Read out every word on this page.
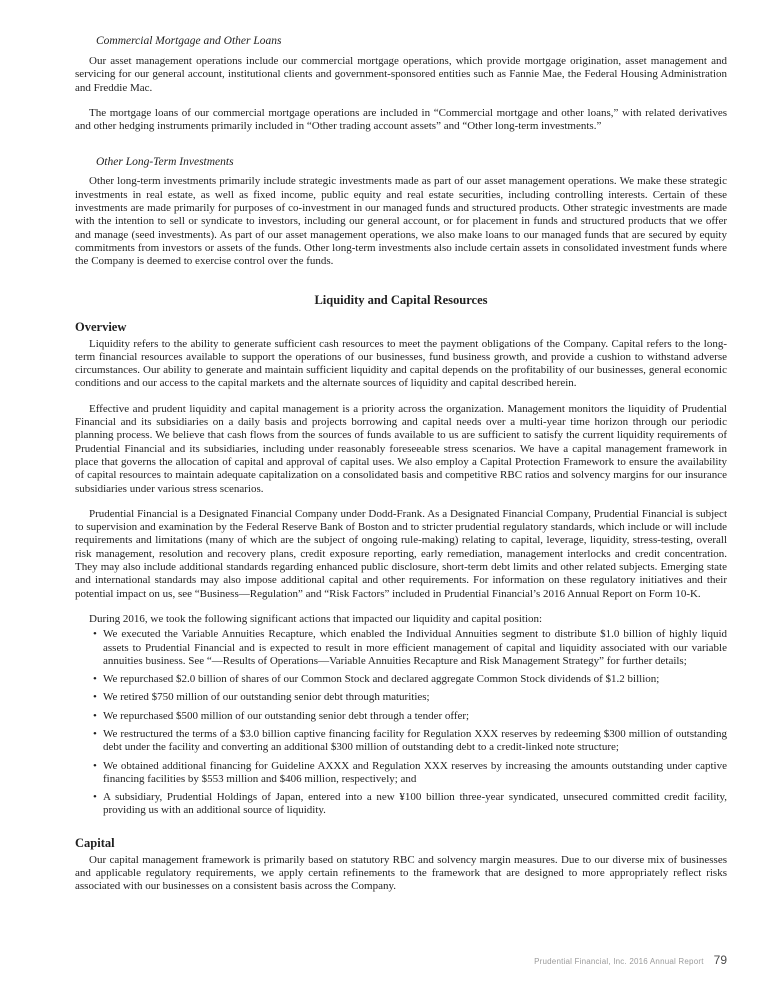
Commercial Mortgage and Other Loans

Our asset management operations include our commercial mortgage operations, which provide mortgage origination, asset management and servicing for our general account, institutional clients and government-sponsored entities such as Fannie Mae, the Federal Housing Administration and Freddie Mac.

The mortgage loans of our commercial mortgage operations are included in “Commercial mortgage and other loans,” with related derivatives and other hedging instruments primarily included in “Other trading account assets” and “Other long-term investments.”

Other Long-Term Investments

Other long-term investments primarily include strategic investments made as part of our asset management operations. We make these strategic investments in real estate, as well as fixed income, public equity and real estate securities, including controlling interests. Certain of these investments are made primarily for purposes of co-investment in our managed funds and structured products. Other strategic investments are made with the intention to sell or syndicate to investors, including our general account, or for placement in funds and structured products that we offer and manage (seed investments). As part of our asset management operations, we also make loans to our managed funds that are secured by equity commitments from investors or assets of the funds. Other long-term investments also include certain assets in consolidated investment funds where the Company is deemed to exercise control over the funds.

Liquidity and Capital Resources
Overview

Liquidity refers to the ability to generate sufficient cash resources to meet the payment obligations of the Company. Capital refers to the long-term financial resources available to support the operations of our businesses, fund business growth, and provide a cushion to withstand adverse circumstances. Our ability to generate and maintain sufficient liquidity and capital depends on the profitability of our businesses, general economic conditions and our access to the capital markets and the alternate sources of liquidity and capital described herein.

Effective and prudent liquidity and capital management is a priority across the organization. Management monitors the liquidity of Prudential Financial and its subsidiaries on a daily basis and projects borrowing and capital needs over a multi-year time horizon through our periodic planning process. We believe that cash flows from the sources of funds available to us are sufficient to satisfy the current liquidity requirements of Prudential Financial and its subsidiaries, including under reasonably foreseeable stress scenarios. We have a capital management framework in place that governs the allocation of capital and approval of capital uses. We also employ a Capital Protection Framework to ensure the availability of capital resources to maintain adequate capitalization on a consolidated basis and competitive RBC ratios and solvency margins for our insurance subsidiaries under various stress scenarios.

Prudential Financial is a Designated Financial Company under Dodd-Frank. As a Designated Financial Company, Prudential Financial is subject to supervision and examination by the Federal Reserve Bank of Boston and to stricter prudential regulatory standards, which include or will include requirements and limitations (many of which are the subject of ongoing rule-making) relating to capital, leverage, liquidity, stress-testing, overall risk management, resolution and recovery plans, credit exposure reporting, early remediation, management interlocks and credit concentration. They may also include additional standards regarding enhanced public disclosure, short-term debt limits and other related subjects. Emerging state and international standards may also impose additional capital and other requirements. For information on these regulatory initiatives and their potential impact on us, see “Business—Regulation” and “Risk Factors” included in Prudential Financial’s 2016 Annual Report on Form 10-K.

During 2016, we took the following significant actions that impacted our liquidity and capital position:

• We executed the Variable Annuities Recapture, which enabled the Individual Annuities segment to distribute $1.0 billion of highly liquid assets to Prudential Financial and is expected to result in more efficient management of capital and liquidity associated with our variable annuities business. See “—Results of Operations—Variable Annuities Recapture and Risk Management Strategy” for further details;
• We repurchased $2.0 billion of shares of our Common Stock and declared aggregate Common Stock dividends of $1.2 billion;
• We retired $750 million of our outstanding senior debt through maturities;
• We repurchased $500 million of our outstanding senior debt through a tender offer;
• We restructured the terms of a $3.0 billion captive financing facility for Regulation XXX reserves by redeeming $300 million of outstanding debt under the facility and converting an additional $300 million of outstanding debt to a credit-linked note structure;
• We obtained additional financing for Guideline AXXX and Regulation XXX reserves by increasing the amounts outstanding under captive financing facilities by $553 million and $406 million, respectively; and
• A subsidiary, Prudential Holdings of Japan, entered into a new ¥100 billion three-year syndicated, unsecured committed credit facility, providing us with an additional source of liquidity.
Capital

Our capital management framework is primarily based on statutory RBC and solvency margin measures. Due to our diverse mix of businesses and applicable regulatory requirements, we apply certain refinements to the framework that are designed to more appropriately reflect risks associated with our businesses on a consistent basis across the Company.

Prudential Financial, Inc. 2016 Annual Report 79
